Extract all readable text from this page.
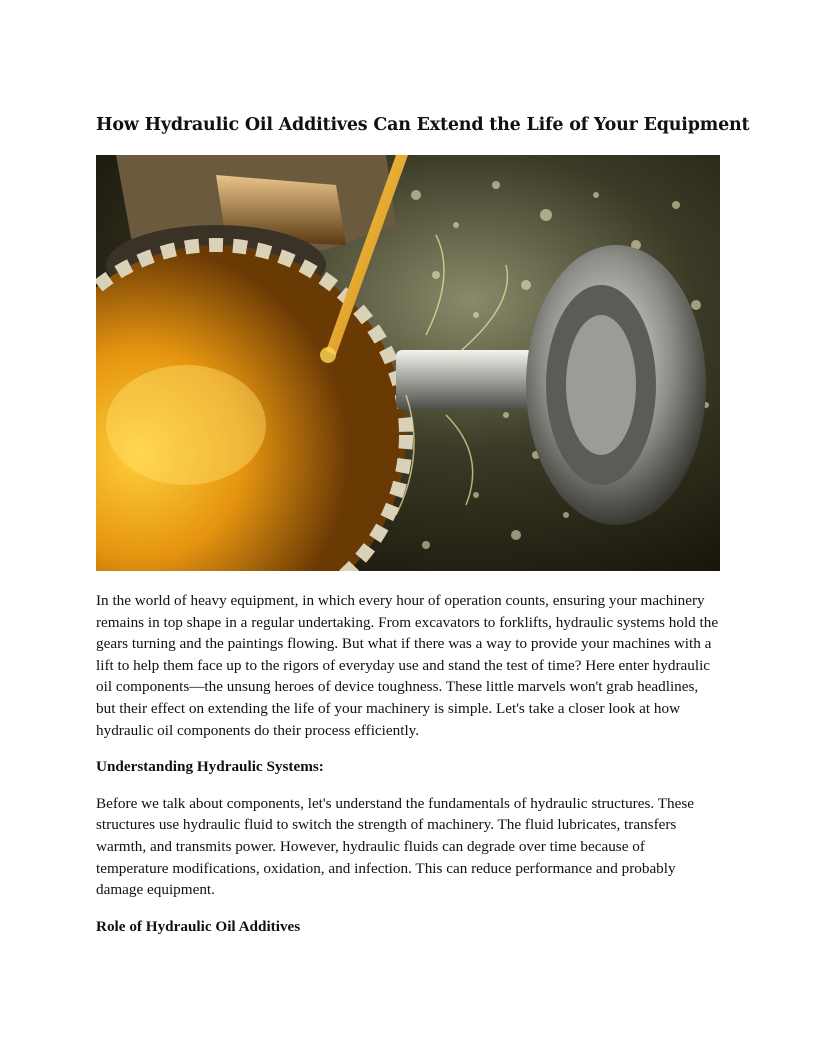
How Hydraulic Oil Additives Can Extend the Life of Your Equipment

In the world of heavy equipment, in which every hour of operation counts, ensuring your machinery remains in top shape in a regular undertaking. From excavators to forklifts, hydraulic systems hold the gears turning and the paintings flowing. But what if there was a way to provide your machines with a lift to help them face up to the rigors of everyday use and stand the test of time? Here enter hydraulic oil components—the unsung heroes of device toughness. These little marvels won't grab headlines, but their effect on extending the life of your machinery is simple. Let's take a closer look at how hydraulic oil components do their process efficiently.

Understanding Hydraulic Systems:

Before we talk about components, let's understand the fundamentals of hydraulic structures. These structures use hydraulic fluid to switch the strength of machinery. The fluid lubricates, transfers warmth, and transmits power. However, hydraulic fluids can degrade over time because of temperature modifications, oxidation, and infection. This can reduce performance and probably damage equipment.

Role of Hydraulic Oil Additives
